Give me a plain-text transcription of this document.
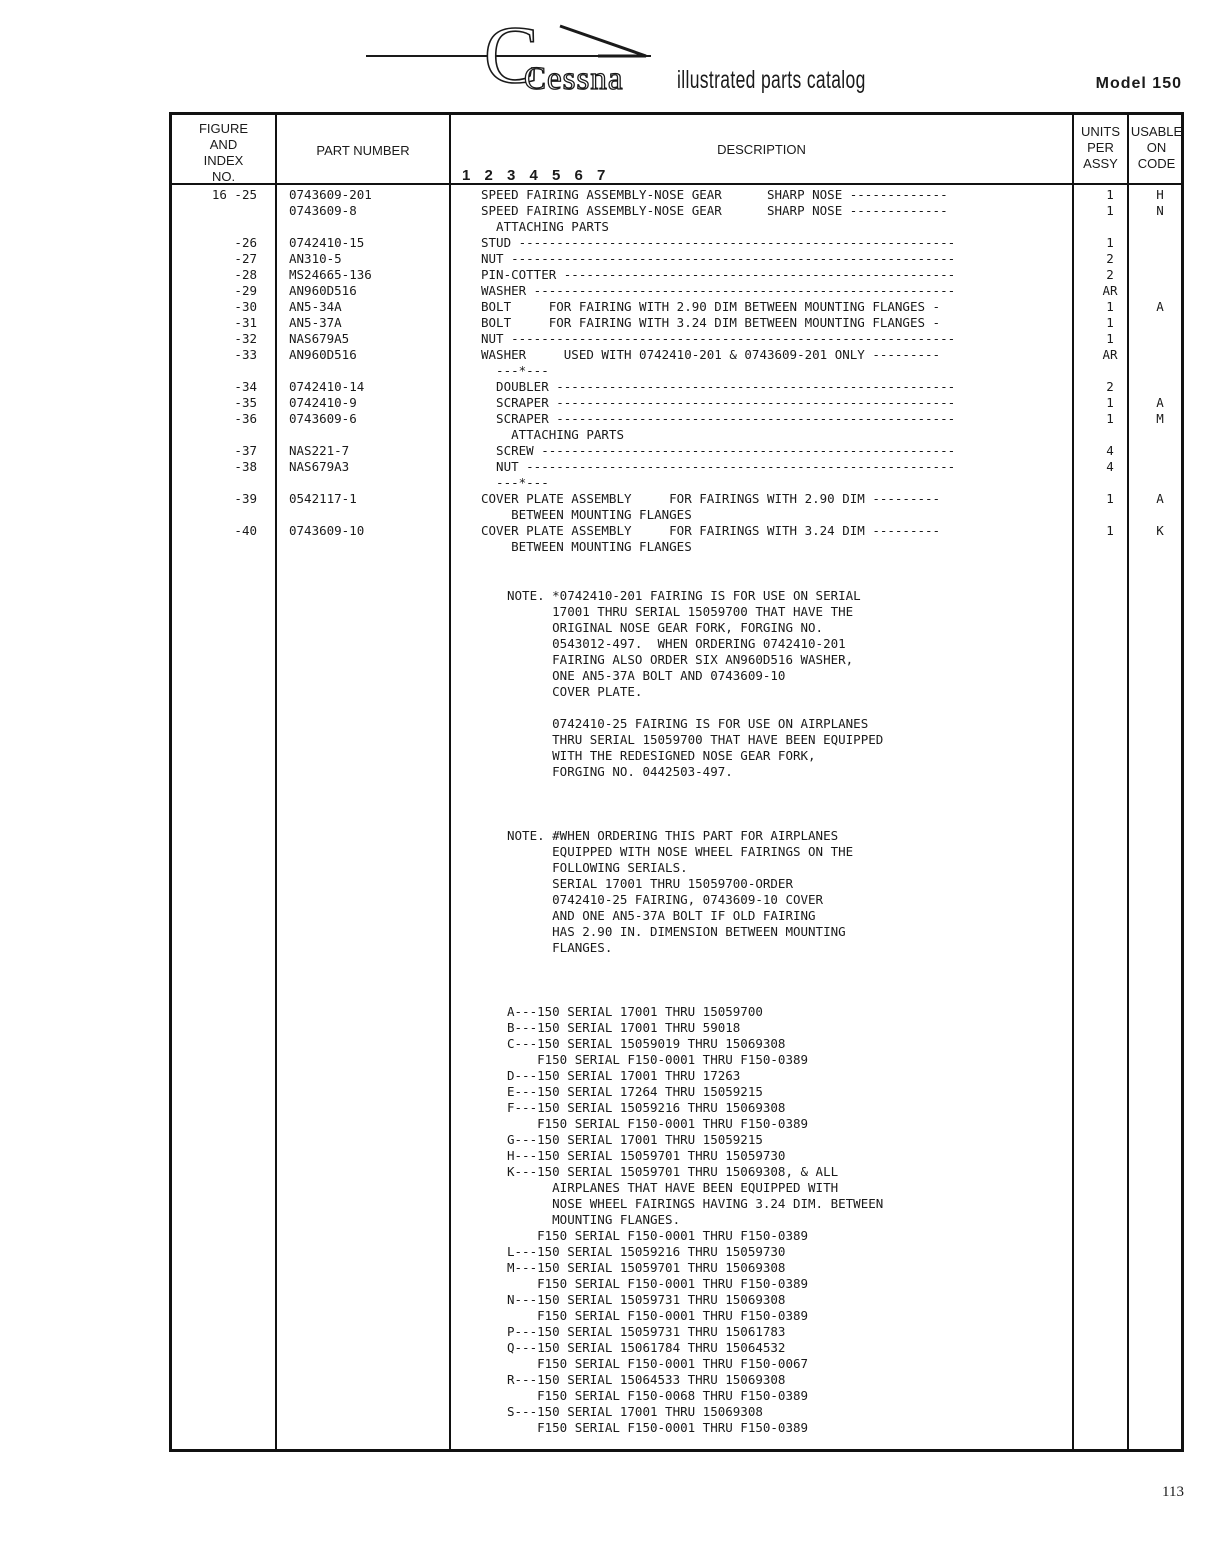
C
Cessna illustrated parts catalog	Model 150
FIGURE
AND
INDEX
NO.
PART NUMBER	DESCRIPTION
1 2 3 4 5 6 7
UNITS
PER
ASSY
USABLE
ON
CODE
16 -25	0743609-201	SPEED FAIRING ASSEMBLY-NOSE GEAR      SHARP NOSE -------------	1	H
0743609-8	SPEED FAIRING ASSEMBLY-NOSE GEAR      SHARP NOSE -------------	1	N
ATTACHING PARTS
-26	0742410-15	STUD ----------------------------------------------------------	1
-27	AN310-5	NUT -----------------------------------------------------------	2
-28	MS24665-136	PIN-COTTER ----------------------------------------------------	2
-29	AN960D516	WASHER --------------------------------------------------------	AR
-30	AN5-34A	BOLT     FOR FAIRING WITH 2.90 DIM BETWEEN MOUNTING FLANGES -	1	A
-31	AN5-37A	BOLT     FOR FAIRING WITH 3.24 DIM BETWEEN MOUNTING FLANGES -	1
-32	NAS679A5	NUT -----------------------------------------------------------	1
-33	AN960D516	WASHER     USED WITH 0742410-201 & 0743609-201 ONLY ---------	AR
---*---
-34	0742410-14	DOUBLER -----------------------------------------------------	2
-35	0742410-9	SCRAPER -----------------------------------------------------	1	A
-36	0743609-6	SCRAPER -----------------------------------------------------	1	M
ATTACHING PARTS
-37	NAS221-7	SCREW -------------------------------------------------------	4
-38	NAS679A3	NUT ---------------------------------------------------------	4
---*---
-39	0542117-1	COVER PLATE ASSEMBLY     FOR FAIRINGS WITH 2.90 DIM ---------	1	A
BETWEEN MOUNTING FLANGES
-40	0743609-10	COVER PLATE ASSEMBLY     FOR FAIRINGS WITH 3.24 DIM ---------	1	K
BETWEEN MOUNTING FLANGES
NOTE. *0742410-201 FAIRING IS FOR USE ON SERIAL
17001 THRU SERIAL 15059700 THAT HAVE THE
ORIGINAL NOSE GEAR FORK, FORGING NO.
0543012-497.  WHEN ORDERING 0742410-201
FAIRING ALSO ORDER SIX AN960D516 WASHER,
ONE AN5-37A BOLT AND 0743609-10
COVER PLATE.

0742410-25 FAIRING IS FOR USE ON AIRPLANES
THRU SERIAL 15059700 THAT HAVE BEEN EQUIPPED
WITH THE REDESIGNED NOSE GEAR FORK,
FORGING NO. 0442503-497.

NOTE. #WHEN ORDERING THIS PART FOR AIRPLANES
EQUIPPED WITH NOSE WHEEL FAIRINGS ON THE
FOLLOWING SERIALS.
SERIAL 17001 THRU 15059700-ORDER
0742410-25 FAIRING, 0743609-10 COVER
AND ONE AN5-37A BOLT IF OLD FAIRING
HAS 2.90 IN. DIMENSION BETWEEN MOUNTING
FLANGES.

A---150 SERIAL 17001 THRU 15059700
B---150 SERIAL 17001 THRU 59018
C---150 SERIAL 15059019 THRU 15069308
F150 SERIAL F150-0001 THRU F150-0389
D---150 SERIAL 17001 THRU 17263
E---150 SERIAL 17264 THRU 15059215
F---150 SERIAL 15059216 THRU 15069308
F150 SERIAL F150-0001 THRU F150-0389
G---150 SERIAL 17001 THRU 15059215
H---150 SERIAL 15059701 THRU 15059730
K---150 SERIAL 15059701 THRU 15069308, & ALL
AIRPLANES THAT HAVE BEEN EQUIPPED WITH
NOSE WHEEL FAIRINGS HAVING 3.24 DIM. BETWEEN
MOUNTING FLANGES.
F150 SERIAL F150-0001 THRU F150-0389
L---150 SERIAL 15059216 THRU 15059730
M---150 SERIAL 15059701 THRU 15069308
F150 SERIAL F150-0001 THRU F150-0389
N---150 SERIAL 15059731 THRU 15069308
F150 SERIAL F150-0001 THRU F150-0389
P---150 SERIAL 15059731 THRU 15061783
Q---150 SERIAL 15061784 THRU 15064532
F150 SERIAL F150-0001 THRU F150-0067
R---150 SERIAL 15064533 THRU 15069308
F150 SERIAL F150-0068 THRU F150-0389
S---150 SERIAL 17001 THRU 15069308
F150 SERIAL F150-0001 THRU F150-0389
113
